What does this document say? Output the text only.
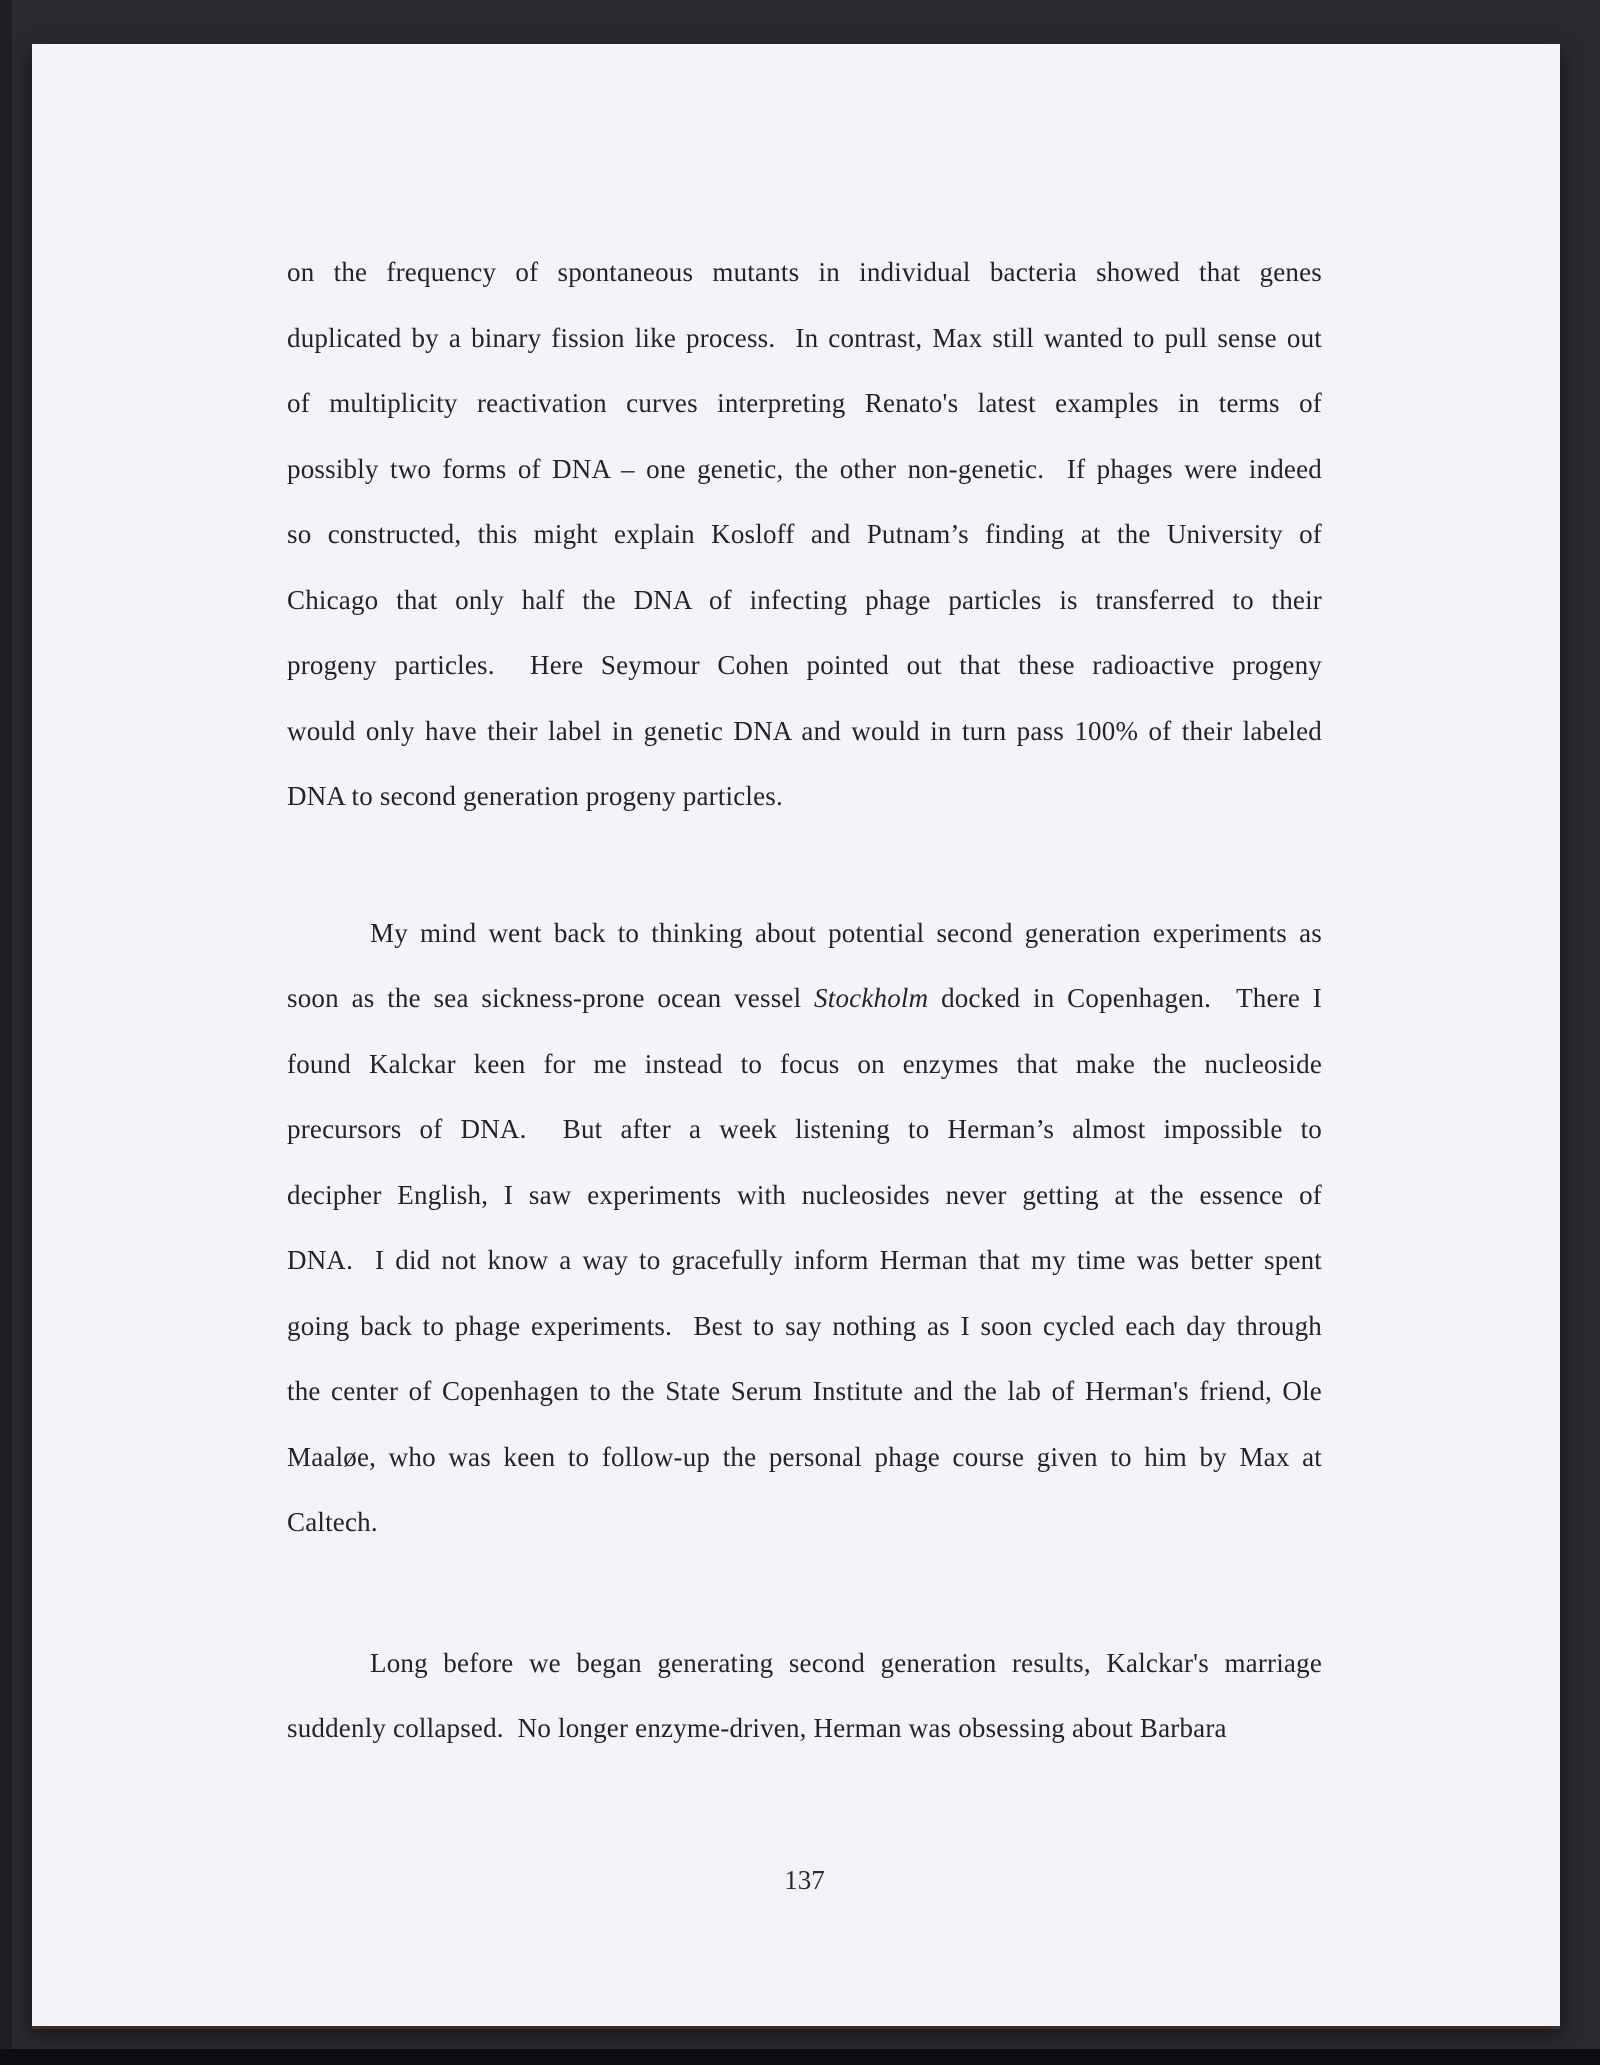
on the frequency of spontaneous mutants in individual bacteria showed that genes
duplicated by a binary fission like process.  In contrast, Max still wanted to pull sense out
of multiplicity reactivation curves interpreting Renato's latest examples in terms of
possibly two forms of DNA – one genetic, the other non-genetic.  If phages were indeed
so constructed, this might explain Kosloff and Putnam’s finding at the University of
Chicago that only half the DNA of infecting phage particles is transferred to their
progeny particles.  Here Seymour Cohen pointed out that these radioactive progeny
would only have their label in genetic DNA and would in turn pass 100% of their labeled
DNA to second generation progeny particles.
My mind went back to thinking about potential second generation experiments as
soon as the sea sickness-prone ocean vessel Stockholm docked in Copenhagen.  There I
found Kalckar keen for me instead to focus on enzymes that make the nucleoside
precursors of DNA.  But after a week listening to Herman’s almost impossible to
decipher English, I saw experiments with nucleosides never getting at the essence of
DNA.  I did not know a way to gracefully inform Herman that my time was better spent
going back to phage experiments.  Best to say nothing as I soon cycled each day through
the center of Copenhagen to the State Serum Institute and the lab of Herman's friend, Ole
Maaløe, who was keen to follow-up the personal phage course given to him by Max at
Caltech.
Long before we began generating second generation results, Kalckar's marriage
suddenly collapsed.  No longer enzyme-driven, Herman was obsessing about Barbara
137
